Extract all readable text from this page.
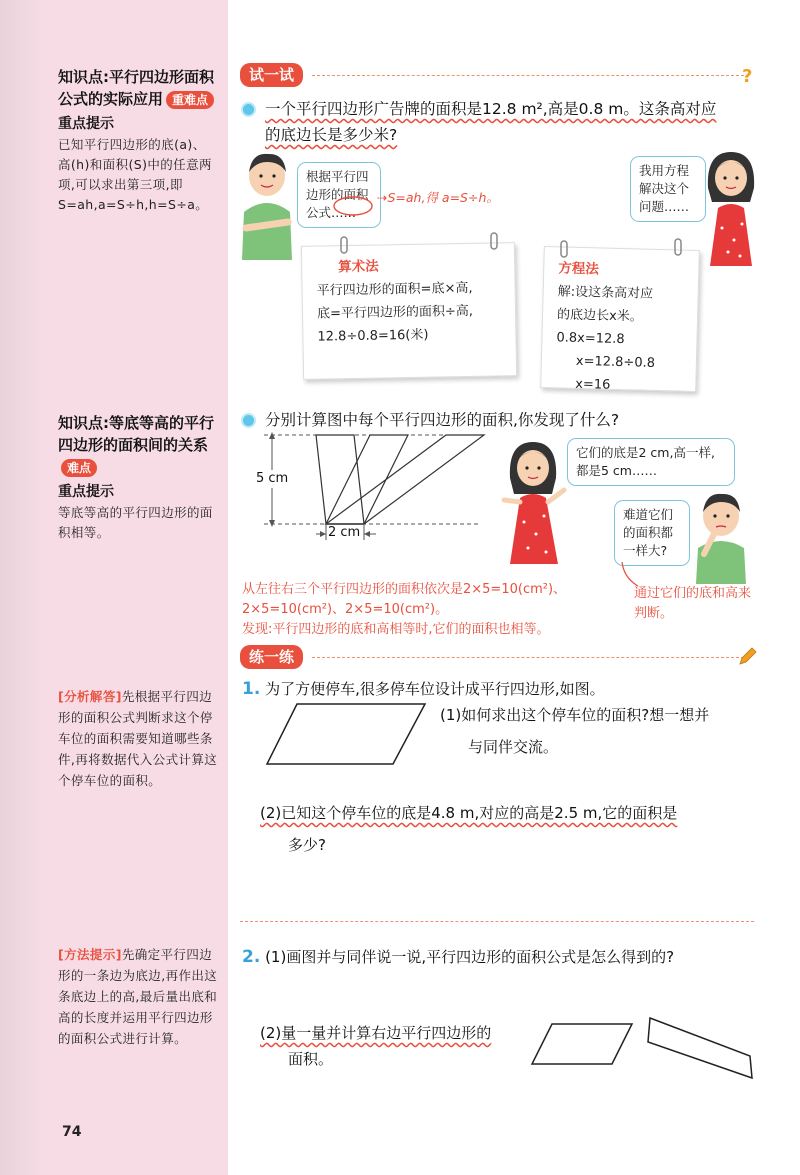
知识点:平行四边形面积公式的实际应用 重难点
重点提示
已知平行四边形的底(a)、高(h)和面积(S)中的任意两项,可以求出第三项,即S=ah,a=S÷h,h=S÷a。
知识点:等底等高的平行四边形的面积间的关系难点
重点提示
等底等高的平行四边形的面积相等。
[分析解答]先根据平行四边形的面积公式判断求这个停车位的面积需要知道哪些条件,再将数据代入公式计算这个停车位的面积。
[方法提示]先确定平行四边形的一条边为底边,再作出这条底边上的高,最后量出底和高的长度并运用平行四边形的面积公式进行计算。
74
试一试	?
一个平行四边形广告牌的面积是12.8 m²,高是0.8 m。这条高对应
的底边长是多少米?
根据平行四边形的面积公式……
⇢S=ah,得 a=S÷h。
我用方程解决这个问题……
算术法
平行四边形的面积=底×高,
底=平行四边形的面积÷高,
12.8÷0.8=16(米)
方程法
解:设这条高对应
的底边长x米。
0.8x=12.8
x=12.8÷0.8
x=16
分别计算图中每个平行四边形的面积,你发现了什么?
5 cm
2 cm
它们的底是2 cm,高一样,都是5 cm……
难道它们的面积都一样大?
通过它们的底和高来判断。
从左往右三个平行四边形的面积依次是2×5=10(cm²)、
2×5=10(cm²)、2×5=10(cm²)。
发现:平行四边形的底和高相等时,它们的面积也相等。
练一练
1. 为了方便停车,很多停车位设计成平行四边形,如图。
(1)如何求出这个停车位的面积?想一想并
与同伴交流。
(2)已知这个停车位的底是4.8 m,对应的高是2.5 m,它的面积是
多少?
2. (1)画图并与同伴说一说,平行四边形的面积公式是怎么得到的?
(2)量一量并计算右边平行四边形的
面积。
